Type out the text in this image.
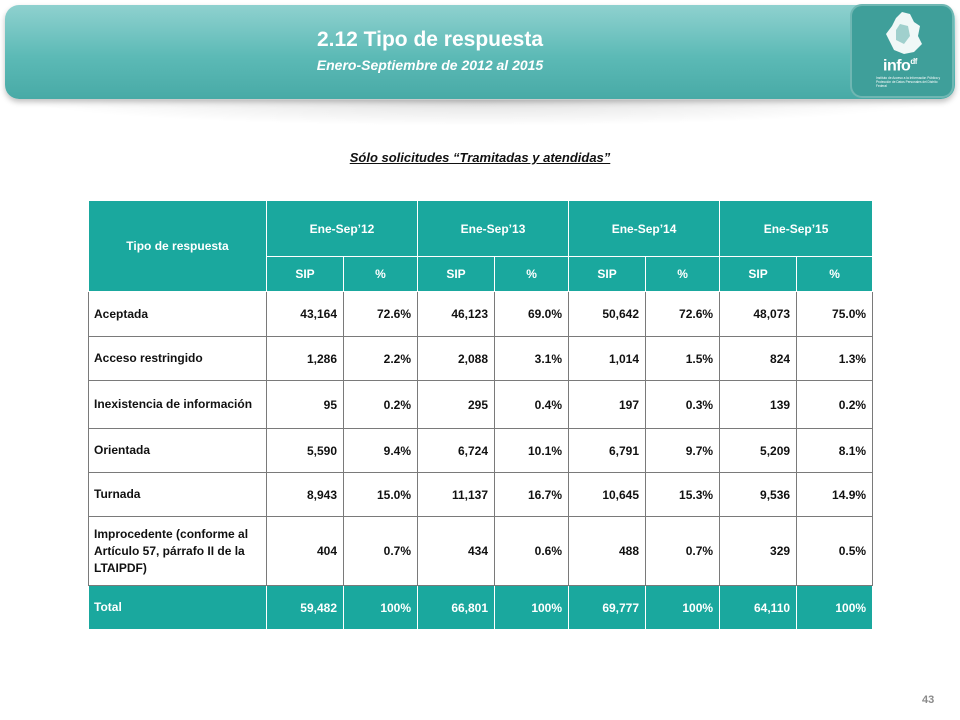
2.12 Tipo de respuesta
Enero-Septiembre de 2012 al 2015	info$^{df}$
Instituto de Acceso a la Información Pública y Protección de Datos Personales del Distrito Federal
Sólo solicitudes “Tramitadas y atendidas”
Tipo de respuesta	Ene-Sep’12		Ene-Sep’13		Ene-Sep’14		Ene-Sep’15	
	SIP	%	SIP	%	SIP	%	SIP	%
Aceptada	43,164	72.6%	46,123	69.0%	50,642	72.6%	48,073	75.0%
Acceso restringido	1,286	2.2%	2,088	3.1%	1,014	1.5%	824	1.3%
Inexistencia de información	95	0.2%	295	0.4%	197	0.3%	139	0.2%
Orientada	5,590	9.4%	6,724	10.1%	6,791	9.7%	5,209	8.1%
Turnada	8,943	15.0%	11,137	16.7%	10,645	15.3%	9,536	14.9%
Improcedente (conforme al Artículo 57, párrafo II de la LTAIPDF)	404	0.7%	434	0.6%	488	0.7%	329	0.5%
Total	59,482	100%	66,801	100%	69,777	100%	64,110	100%
43
